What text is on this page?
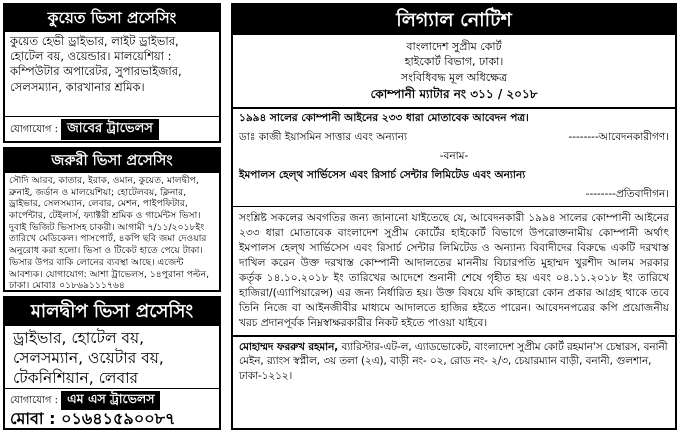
কুয়েত ভিসা প্রসেসিং
কুয়েত হেভী ড্রাইভার, লাইট ড্রাইভার, হোটেল বয়, ওয়েন্ডার। মালয়েশিয়া : কম্পিউটার অপারেটর, সুপারভাইজার, সেলসম্যান, কারখানার শ্রমিক।
যোগাযোগ : জাবের ট্রাভেলস
জরুরী ভিসা প্রসেসিং
সৌদি আরব, কাতার, ইরাক, ওমান, কুয়েত, মালদ্বীপ, ব্রুনাই, জর্ডান ও মালয়েশিয়া; হোটেলবয়, ক্লিনার, ড্রাইভার, সেলসম্যান, লেবার, মেশন, পাইপফিটার, কার্পেন্টার, টেইলার্স, ফ্যাক্টরী শ্রমিক ও গার্মেন্টস ভিসা। দুবাই ভিজিট ভিসাসহ চাকরী। আগামী ৭/১১/২০১৮ইং তারিখে মেডিকেল। পাসপোর্ট, ৪কপি ছবি জমা দেওয়ার অনুরোধ করা হলো। ভিসা ও টিকেট হাতে পেয়ে টাকা। ভিসার উপর বাকি লোনের ব্যবস্থা আছে। এজেন্ট আবশ্যক। যোগাযোগ: আশা ট্রাভেলস, ১৪পুরানা পল্টন, ঢাকা। মোবাঃ ০১৮৬৯১১১৭৬৪
মালদ্বীপ ভিসা প্রসেসিং
ড্রাইভার, হোটেল বয়, সেলসম্যান, ওয়েটার বয়, টেকনিশিয়ান, লেবার
যোগাযোগ : এম এস ট্রাভেলস
মোবা : ০১৬৪১৫৯০০৮৭
লিগ্যাল নোটিশ
বাংলাদেশ সুপ্রীম কোর্ট
হাইকোর্ট বিভাগ, ঢাকা।
সংবিধিবদ্ধ মূল অধিক্ষেত্র
কোম্পানী ম্যাটার নং ৩১১ / ২০১৮
১৯৯৪ সালের কোম্পানী আইনের ২৩৩ ধারা মোতাবেক আবেদন পত্র।
ডাঃ কাজী ইয়াসমিন সাত্তার এবং অন্যান্য	--------আবেদনকারীগণ।
-বনাম-
ইমপালস হেল্থ সার্ভিসেস এবং রিসার্চ সেন্টার লিমিটেড এবং অন্যান্য
--------প্রতিবাদীগন।
সংশ্লিষ্ট সকলের অবগতির জন্য জানানো যাইতেছে যে, আবেদনকারী ১৯৯৪ সালের কোম্পানী আইনের ২৩৩ ধারা মোতাবেক বাংলাদেশ সুপ্রীম কোর্টের হাইকোর্ট বিভাগে উপরোক্তনামীয় কোম্পানী অর্থাৎ ইমপালস হেল্থ সার্ভিসেস এবং রিসার্চ সেন্টার লিমিটেড ও অন্যান্য বিবাদীদের বিরুদ্ধে একটি দরখাস্ত দাখিল করেন উক্ত দরখাস্ত কোম্পানী আদালতের মাননীয় বিচারপতি মুহাম্মদ খুরশীদ আলম সরকার কর্তৃক ১৪.১০.২০১৮ ইং তারিখের আদেশে শুনানী শেষে গৃহীত হয় এবং ০৪.১১.২০১৮ ইং তারিখে হাজিরা/(এ্যাপিয়ারেন্স) এর জন্য নির্ধারিত হয়। উক্ত বিষয়ে যদি কাহারো কোন প্রকার আগ্রহ থাকে তবে তিনি নিজে বা আইনজীবীর মাধ্যমে আদালতে হাজির হইতে পারেন। আবেদনপত্রের কপি প্রয়োজনীয় খরচ প্রদানপূর্বক নিম্নস্বাক্ষরকারীর নিকট হইতে পাওয়া যাইবে।
মোহাম্মদ ফররুখ রহমান, ব্যারিস্টার-এট-ল, এ্যাডভোকেট, বাংলাদেশ সুপ্রীম কোর্ট রহমান'স চেম্বারস, বনানী মেইন, র‍্যাংস স্বপ্নীল, ৩য় তলা (২এ), বাড়ী নং- ০২, রোড নং- ২/৩, চেয়ারম্যান বাড়ী, বনানী, গুলশান, ঢাকা-১২১২।
